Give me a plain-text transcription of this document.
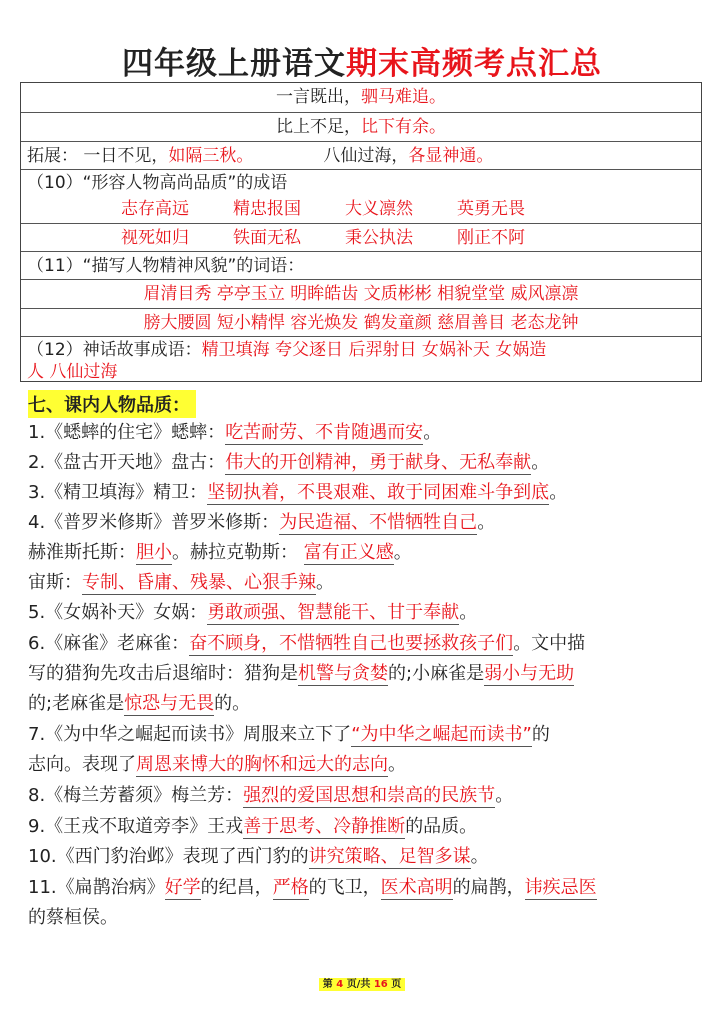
四年级上册语文期末高频考点汇总
一言既出，驷马难追。
比上不足，比下有余。
拓展： 一日不见，如隔三秋。	八仙过海，各显神通。
（10）“形容人物高尚品质”的成语
志存高远	精忠报国	大义凛然	英勇无畏
视死如归	铁面无私	秉公执法	刚正不阿
（11）“描写人物精神风貌”的词语：
眉清目秀 亭亭玉立 明眸皓齿 文质彬彬 相貌堂堂 威风凛凛
膀大腰圆 短小精悍 容光焕发 鹤发童颜 慈眉善目 老态龙钟
（12）神话故事成语：精卫填海 夸父逐日 后羿射日 女娲补天 女娲造
人 八仙过海
七、课内人物品质：
1.《蟋蟀的住宅》蟋蟀：吃苦耐劳、不肯随遇而安。
2.《盘古开天地》盘古：伟大的开创精神，勇于献身、无私奉献。
3.《精卫填海》精卫：坚韧执着，不畏艰难、敢于同困难斗争到底。
4.《普罗米修斯》普罗米修斯：为民造福、不惜牺牲自己。
赫淮斯托斯：胆小。赫拉克勒斯： 富有正义感。
宙斯：专制、昏庸、残暴、心狠手辣。
5.《女娲补天》女娲：勇敢顽强、智慧能干、甘于奉献。
6.《麻雀》老麻雀：奋不顾身，不惜牺牲自己也要拯救孩子们。文中描
写的猎狗先攻击后退缩时：猎狗是机警与贪婪的;小麻雀是弱小与无助
的;老麻雀是惊恐与无畏的。
7.《为中华之崛起而读书》周服来立下了“为中华之崛起而读书”的
志向。表现了周恩来博大的胸怀和远大的志向。
8.《梅兰芳蓄须》梅兰芳：强烈的爱国思想和崇高的民族节。
9.《王戎不取道旁李》王戎善于思考、冷静推断的品质。
10.《西门豹治邺》表现了西门豹的讲究策略、足智多谋。
11.《扁鹊治病》好学的纪昌，严格的飞卫，医术高明的扁鹊，讳疾忌医
的蔡桓侯。
第 4 页/共 16 页
